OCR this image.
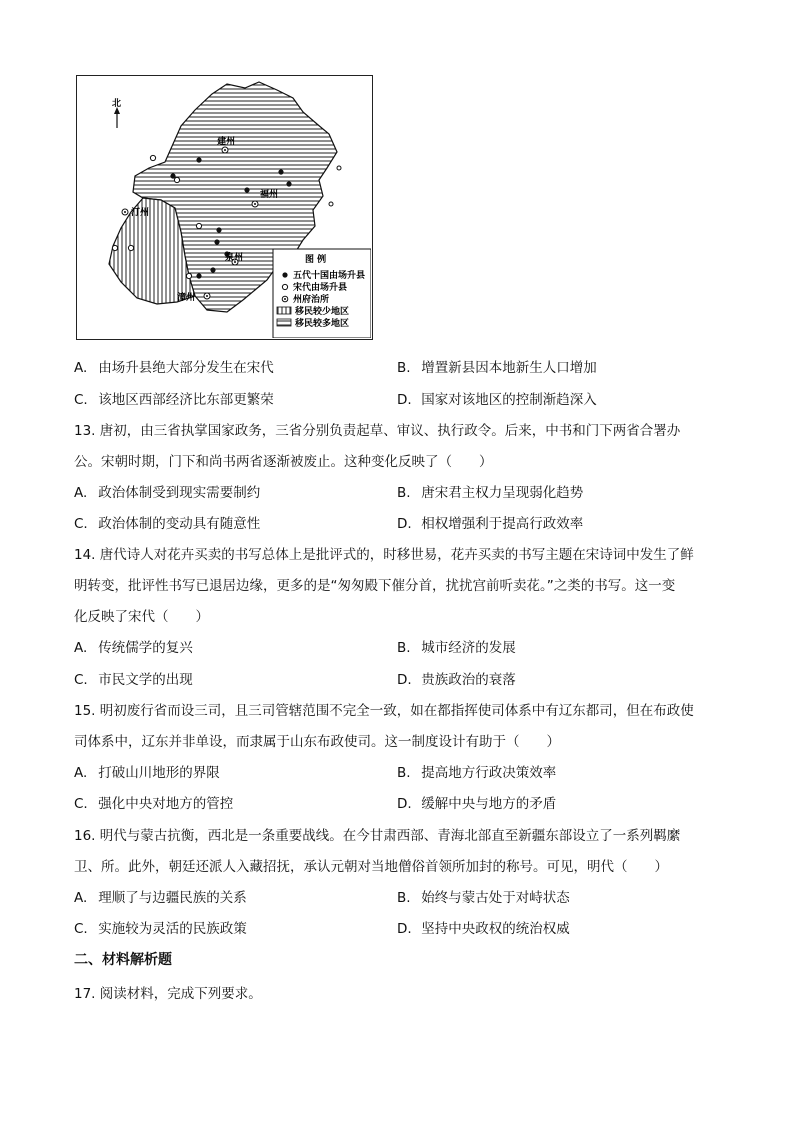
北
图 例
五代十国由场升县
宋代由场升县
州府治所
移民较少地区
移民较多地区
建州
福州
汀州
泉州
漳州
A. 由场升县绝大部分发生在宋代	B. 增置新县因本地新生人口增加
C. 该地区西部经济比东部更繁荣	D. 国家对该地区的控制渐趋深入
13. 唐初，由三省执掌国家政务，三省分别负责起草、审议、执行政令。后来，中书和门下两省合署办
公。宋朝时期，门下和尚书两省逐渐被废止。这种变化反映了（　　）
A. 政治体制受到现实需要制约	B. 唐宋君主权力呈现弱化趋势
C. 政治体制的变动具有随意性	D. 相权增强利于提高行政效率
14. 唐代诗人对花卉买卖的书写总体上是批评式的，时移世易，花卉买卖的书写主题在宋诗词中发生了鲜
明转变，批评性书写已退居边缘，更多的是“匆匆殿下催分首，扰扰宫前听卖花。”之类的书写。这一变
化反映了宋代（　　）
A. 传统儒学的复兴	B. 城市经济的发展
C. 市民文学的出现	D. 贵族政治的衰落
15. 明初废行省而设三司，且三司管辖范围不完全一致，如在都指挥使司体系中有辽东都司，但在布政使
司体系中，辽东并非单设，而隶属于山东布政使司。这一制度设计有助于（　　）
A. 打破山川地形的界限	B. 提高地方行政决策效率
C. 强化中央对地方的管控	D. 缓解中央与地方的矛盾
16. 明代与蒙古抗衡，西北是一条重要战线。在今甘肃西部、青海北部直至新疆东部设立了一系列羁縻
卫、所。此外，朝廷还派人入藏招抚，承认元朝对当地僧俗首领所加封的称号。可见，明代（　　）
A. 理顺了与边疆民族的关系	B. 始终与蒙古处于对峙状态
C. 实施较为灵活的民族政策	D. 坚持中央政权的统治权威
二、材料解析题
17. 阅读材料，完成下列要求。
